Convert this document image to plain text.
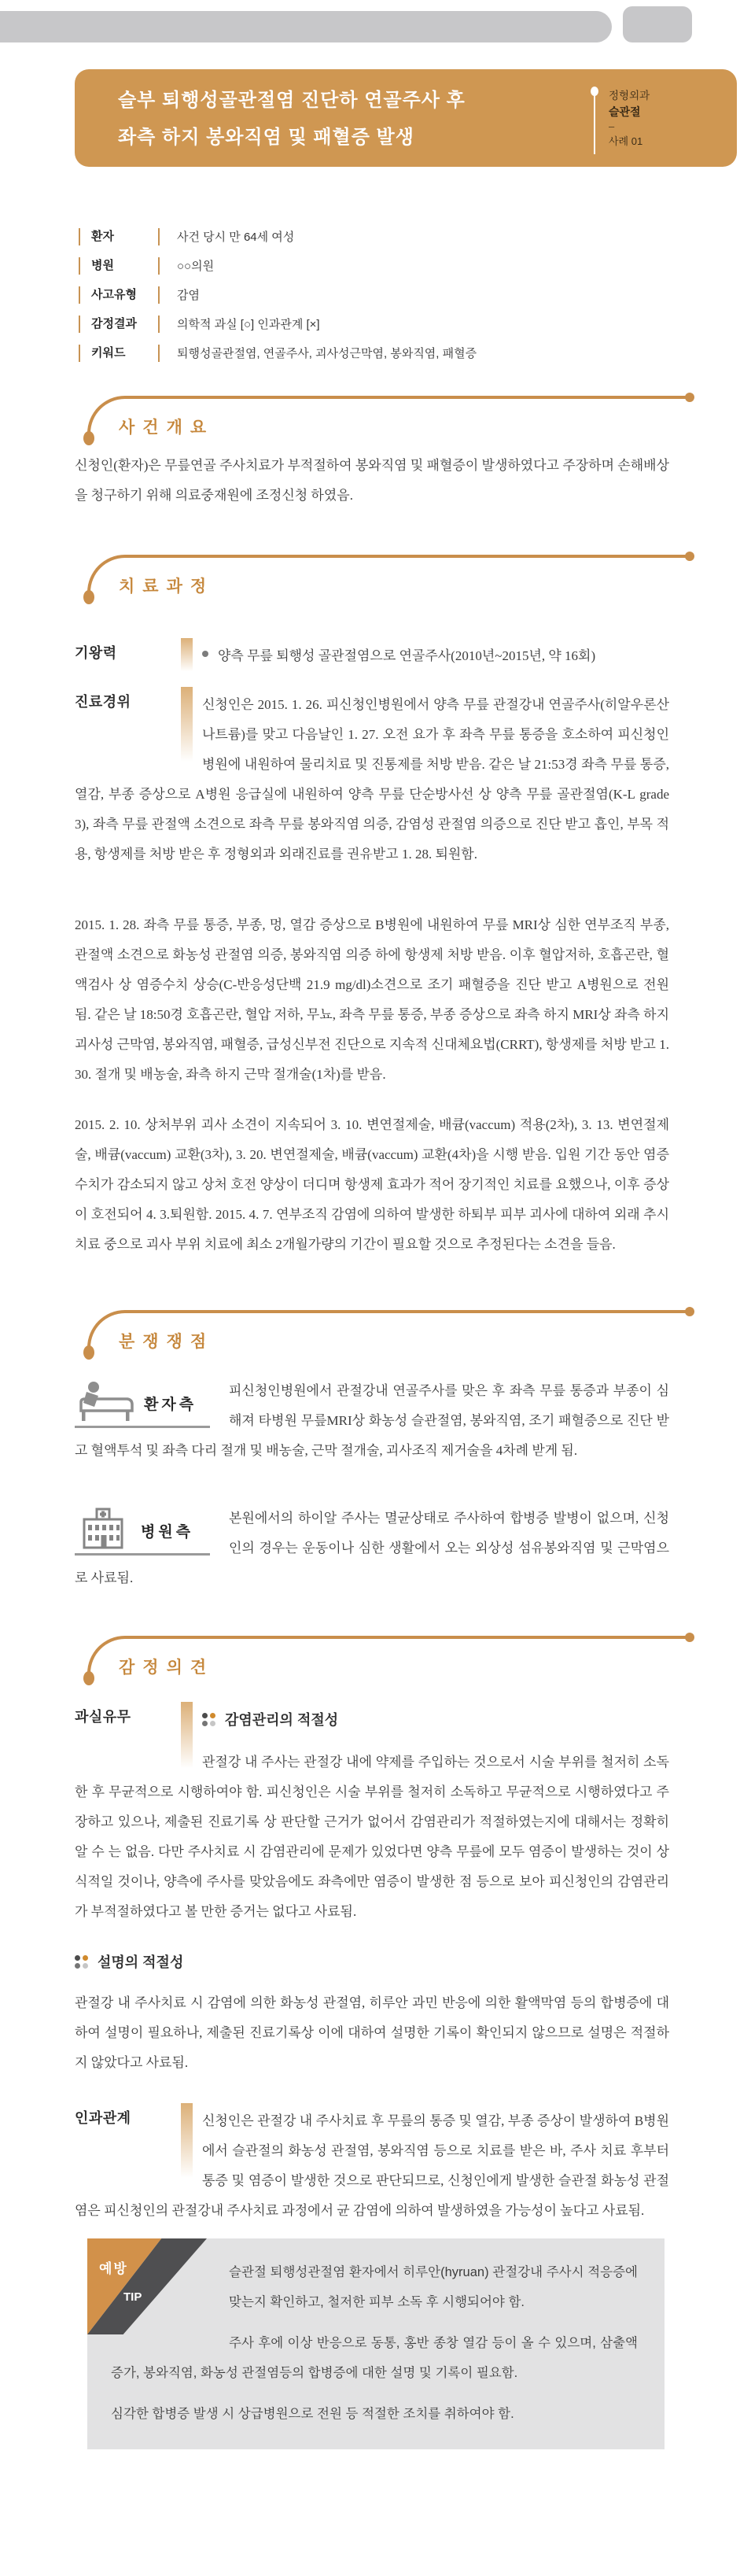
슬부 퇴행성골관절염 진단하 연골주사 후
좌측 하지 봉와직염 및 패혈증 발생
정형외과
슬관절
–
사례 01
환자	사건 당시 만 64세 여성
병원	○○의원
사고유형	감염
감정결과	의학적 과실 [○] 인과관계 [×]
키워드	퇴행성골관절염, 연골주사, 괴사성근막염, 봉와직염, 패혈증
사건개요

신청인(환자)은 무릎연골 주사치료가 부적절하여 봉와직염 및 패혈증이 발생하였다고 주장하며 손해배상을 청구하기 위해 의료중재원에 조정신청 하였음.

치료과정
기왕력	양측 무릎 퇴행성 골관절염으로 연골주사(2010년~2015년, 약 16회)

진료경위	신청인은 2015. 1. 26. 피신청인병원에서 양측 무릎 관절강내 연골주사(히알우론산나트륨)를 맞고 다음날인 1. 27. 오전 요가 후 좌측 무릎 통증을 호소하여 피신청인병원에 내원하여 물리치료 및 진통제를 처방 받음. 같은 날 21:53경 좌측 무릎 통증, 열감, 부종 증상으로 A병원 응급실에 내원하여 양측 무릎 단순방사선 상 양측 무릎 골관절염(K-L grade 3), 좌측 무릎 관절액 소견으로 좌측 무릎 봉와직염 의증, 감염성 관절염 의증으로 진단 받고 흡인, 부목 적용, 항생제를 처방 받은 후 정형외과 외래진료를 권유받고 1. 28. 퇴원함.

2015. 1. 28. 좌측 무릎 통증, 부종, 멍, 열감 증상으로 B병원에 내원하여 무릎 MRI상 심한 연부조직 부종, 관절액 소견으로 화농성 관절염 의증, 봉와직염 의증 하에 항생제 처방 받음. 이후 혈압저하, 호흡곤란, 혈액검사 상 염증수치 상승(C-반응성단백 21.9 mg/dl)소견으로 조기 패혈증을 진단 받고 A병원으로 전원 됨. 같은 날 18:50경 호흡곤란, 혈압 저하, 무뇨, 좌측 무릎 통증, 부종 증상으로 좌측 하지 MRI상 좌측 하지 괴사성 근막염, 봉와직염, 패혈증, 급성신부전 진단으로 지속적 신대체요법(CRRT), 항생제를 처방 받고 1. 30. 절개 및 배농술, 좌측 하지 근막 절개술(1차)를 받음.

2015. 2. 10. 상처부위 괴사 소견이 지속되어 3. 10. 변연절제술, 배큠(vaccum) 적용(2차), 3. 13. 변연절제술, 배큠(vaccum) 교환(3차), 3. 20. 변연절제술, 배큠(vaccum) 교환(4차)을 시행 받음. 입원 기간 동안 염증수치가 감소되지 않고 상처 호전 양상이 더디며 항생제 효과가 적어 장기적인 치료를 요했으나, 이후 증상이 호전되어 4. 3.퇴원함. 2015. 4. 7. 연부조직 감염에 의하여 발생한 하퇴부 피부 괴사에 대하여 외래 추시 치료 중으로 괴사 부위 치료에 최소 2개월가량의 기간이 필요할 것으로 추정된다는 소견을 들음.

분쟁쟁점
환자측

피신청인병원에서 관절강내 연골주사를 맞은 후 좌측 무릎 통증과 부종이 심해져 타병원 무릎MRI상 화농성 슬관절염, 봉와직염, 조기 패혈증으로 진단 받고 혈액투석 및 좌측 다리 절개 및 배농술, 근막 절개술, 괴사조직 제거술을 4차례 받게 됨.

병원측

본원에서의 하이알 주사는 멸균상태로 주사하여 합병증 발병이 없으며, 신청인의 경우는 운동이나 심한 생활에서 오는 외상성 섬유봉와직염 및 근막염으로 사료됨.

감정의견
과실유무	감염관리의 적절성

관절강 내 주사는 관절강 내에 약제를 주입하는 것으로서 시술 부위를 철저히 소독한 후 무균적으로 시행하여야 함. 피신청인은 시술 부위를 철저히 소독하고 무균적으로 시행하였다고 주장하고 있으나, 제출된 진료기록 상 판단할 근거가 없어서 감염관리가 적절하였는지에 대해서는 정확히 알 수 는 없음. 다만 주사치료 시 감염관리에 문제가 있었다면 양측 무릎에 모두 염증이 발생하는 것이 상식적일 것이나, 양측에 주사를 맞았음에도 좌측에만 염증이 발생한 점 등으로 보아 피신청인의 감염관리가 부적절하였다고 볼 만한 증거는 없다고 사료됨.

설명의 적절성

관절강 내 주사치료 시 감염에 의한 화농성 관절염, 히루안 과민 반응에 의한 활액막염 등의 합병증에 대하여 설명이 필요하나, 제출된 진료기록상 이에 대하여 설명한 기록이 확인되지 않으므로 설명은 적절하지 않았다고 사료됨.

인과관계	신청인은 관절강 내 주사치료 후 무릎의 통증 및 열감, 부종 증상이 발생하여 B병원에서 슬관절의 화농성 관절염, 봉와직염 등으로 치료를 받은 바, 주사 치료 후부터 통증 및 염증이 발생한 것으로 판단되므로, 신청인에게 발생한 슬관절 화농성 관절염은 피신청인의 관절강내 주사치료 과정에서 균 감염에 의하여 발생하였을 가능성이 높다고 사료됨.

예방
TIP

슬관절 퇴행성관절염 환자에서 히루안(hyruan) 관절강내 주사시 적응증에 맞는지 확인하고, 철저한 피부 소독 후 시행되어야 함.

주사 후에 이상 반응으로 동통, 홍반 종창 열감 등이 올 수 있으며, 삼출액 증가, 봉와직염, 화농성 관절염등의 합병증에 대한 설명 및 기록이 필요함.

심각한 합병증 발생 시 상급병원으로 전원 등 적절한 조치를 취하여야 함.
